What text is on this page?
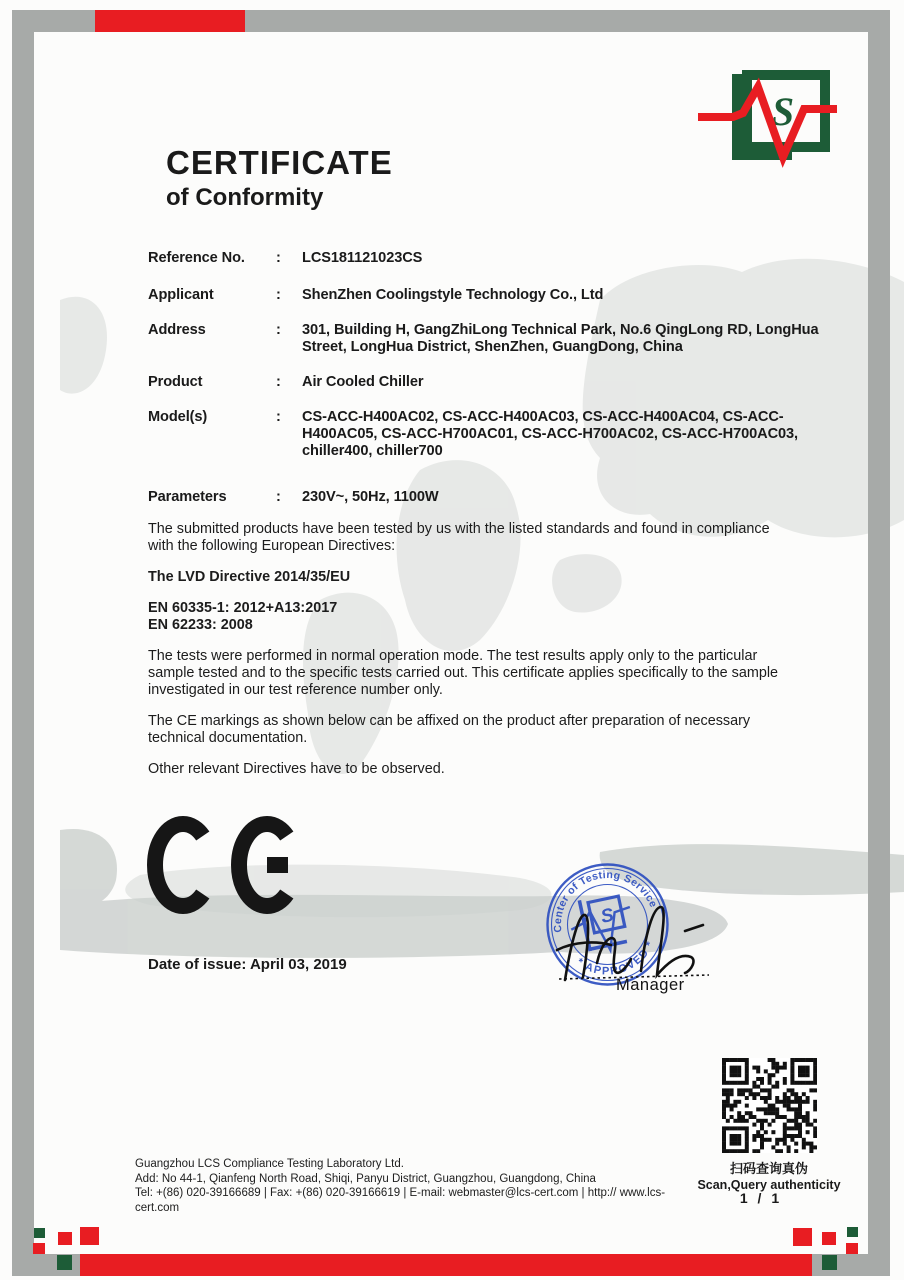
S
CERTIFICATE
of Conformity
Reference No.	:	LCS181121023CS
Applicant	:	ShenZhen Coolingstyle Technology Co., Ltd
Address	:	301, Building H, GangZhiLong Technical Park, No.6 QingLong RD, LongHua Street, LongHua District, ShenZhen, GuangDong, China
Product	:	Air Cooled Chiller
Model(s)	:	CS-ACC-H400AC02, CS-ACC-H400AC03, CS-ACC-H400AC04, CS-ACC-H400AC05, CS-ACC-H700AC01, CS-ACC-H700AC02, CS-ACC-H700AC03, chiller400, chiller700
Parameters	:	230V~, 50Hz, 1100W

The submitted products have been tested by us with the listed standards and found in compliance with the following European Directives:

The LVD Directive 2014/35/EU

EN 60335-1: 2012+A13:2017

EN 62233: 2008

The tests were performed in normal operation mode. The test results apply only to the particular sample tested and to the specific tests carried out. This certificate applies specifically to the sample investigated in our test reference number only.

The CE markings as shown below can be affixed on the product after preparation of necessary technical documentation.

Other relevant Directives have to be observed.

Date of issue: April 03, 2019
Center of Testing Service
* APPROVED *
S
Manager
扫码查询真伪
Scan,Query authenticity
1 / 1
Guangzhou LCS Compliance Testing Laboratory Ltd.
Add: No 44-1, Qianfeng North Road, Shiqi, Panyu District, Guangzhou, Guangdong, China
Tel: +(86) 020-39166689 | Fax: +(86) 020-39166619 | E-mail: webmaster@lcs-cert.com | http:// www.lcs-cert.com
